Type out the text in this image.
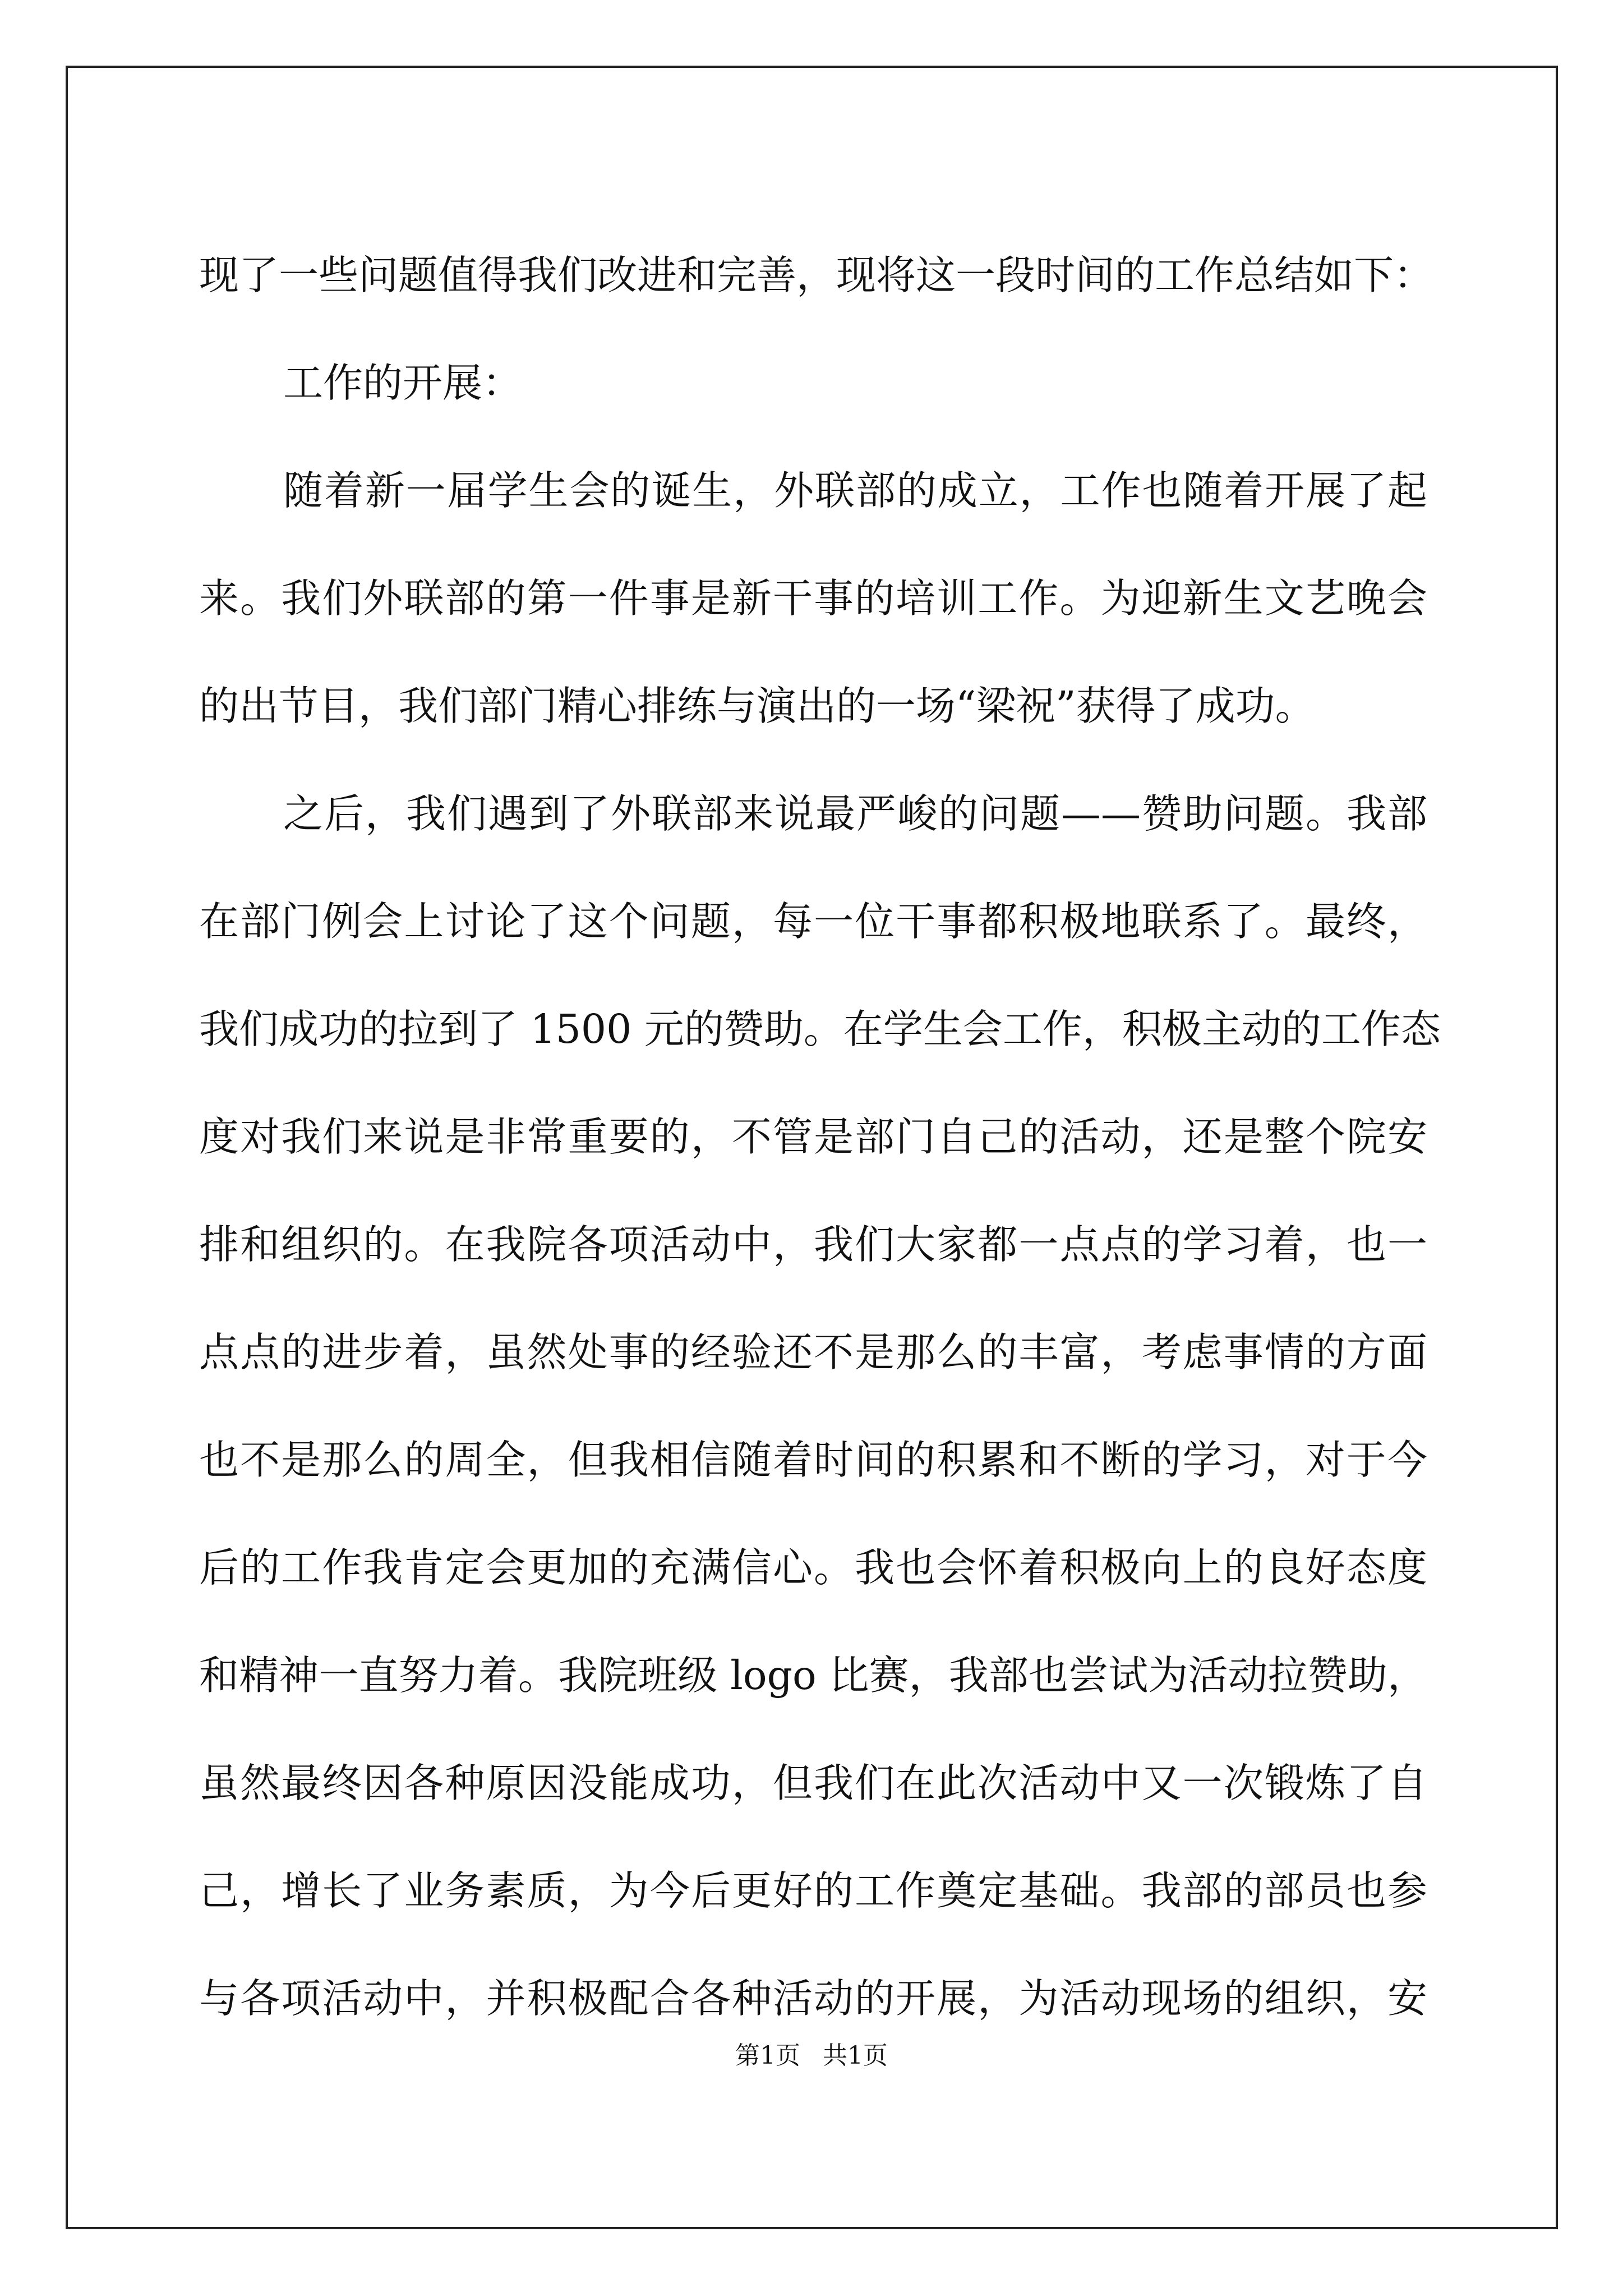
现了一些问题值得我们改进和完善，现将这一段时间的工作总结如下：
工作的开展：
随着新一届学生会的诞生，外联部的成立，工作也随着开展了起
来。我们外联部的第一件事是新干事的培训工作。为迎新生文艺晚会
的出节目，我们部门精心排练与演出的一场“梁祝”获得了成功。
之后，我们遇到了外联部来说最严峻的问题——赞助问题。我部
在部门例会上讨论了这个问题，每一位干事都积极地联系了。最终，
我们成功的拉到了 1500 元的赞助。在学生会工作，积极主动的工作态
度对我们来说是非常重要的，不管是部门自己的活动，还是整个院安
排和组织的。在我院各项活动中，我们大家都一点点的学习着，也一
点点的进步着，虽然处事的经验还不是那么的丰富，考虑事情的方面
也不是那么的周全，但我相信随着时间的积累和不断的学习，对于今
后的工作我肯定会更加的充满信心。我也会怀着积极向上的良好态度
和精神一直努力着。我院班级 logo 比赛，我部也尝试为活动拉赞助，
虽然最终因各种原因没能成功，但我们在此次活动中又一次锻炼了自
己，增长了业务素质，为今后更好的工作奠定基础。我部的部员也参
与各项活动中，并积极配合各种活动的开展，为活动现场的组织，安
第1页 共1页
